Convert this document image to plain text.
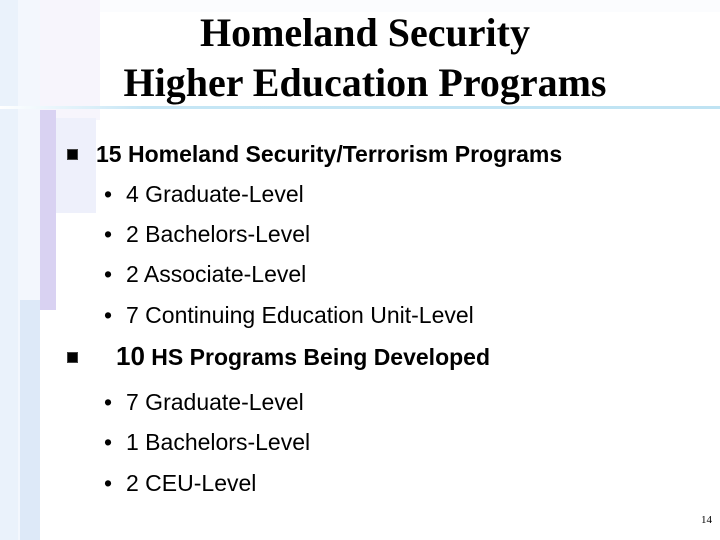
Homeland Security
Higher Education Programs
15 Homeland Security/Terrorism Programs
• 4 Graduate-Level
• 2 Bachelors-Level
• 2 Associate-Level
• 7 Continuing Education Unit-Level
10 HS Programs Being Developed
• 7 Graduate-Level
• 1 Bachelors-Level
• 2 CEU-Level
14
